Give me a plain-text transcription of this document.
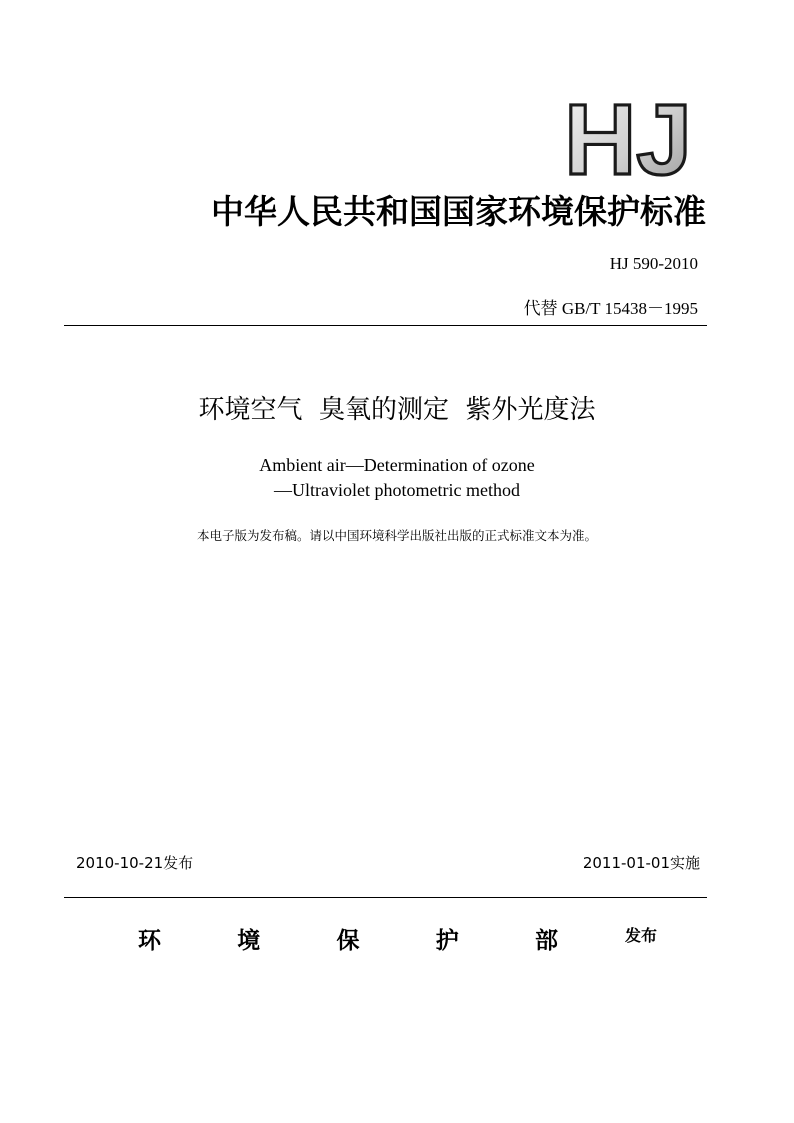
HJ
中华人民共和国国家环境保护标准
HJ 590-2010
代替 GB/T 15438－1995
环境空气  臭氧的测定  紫外光度法
Ambient air—Determination of ozone
—Ultraviolet photometric method
本电子版为发布稿。请以中国环境科学出版社出版的正式标准文本为准。
2010-10-21发布	2011-01-01实施
环	境	保	护	部	发布
